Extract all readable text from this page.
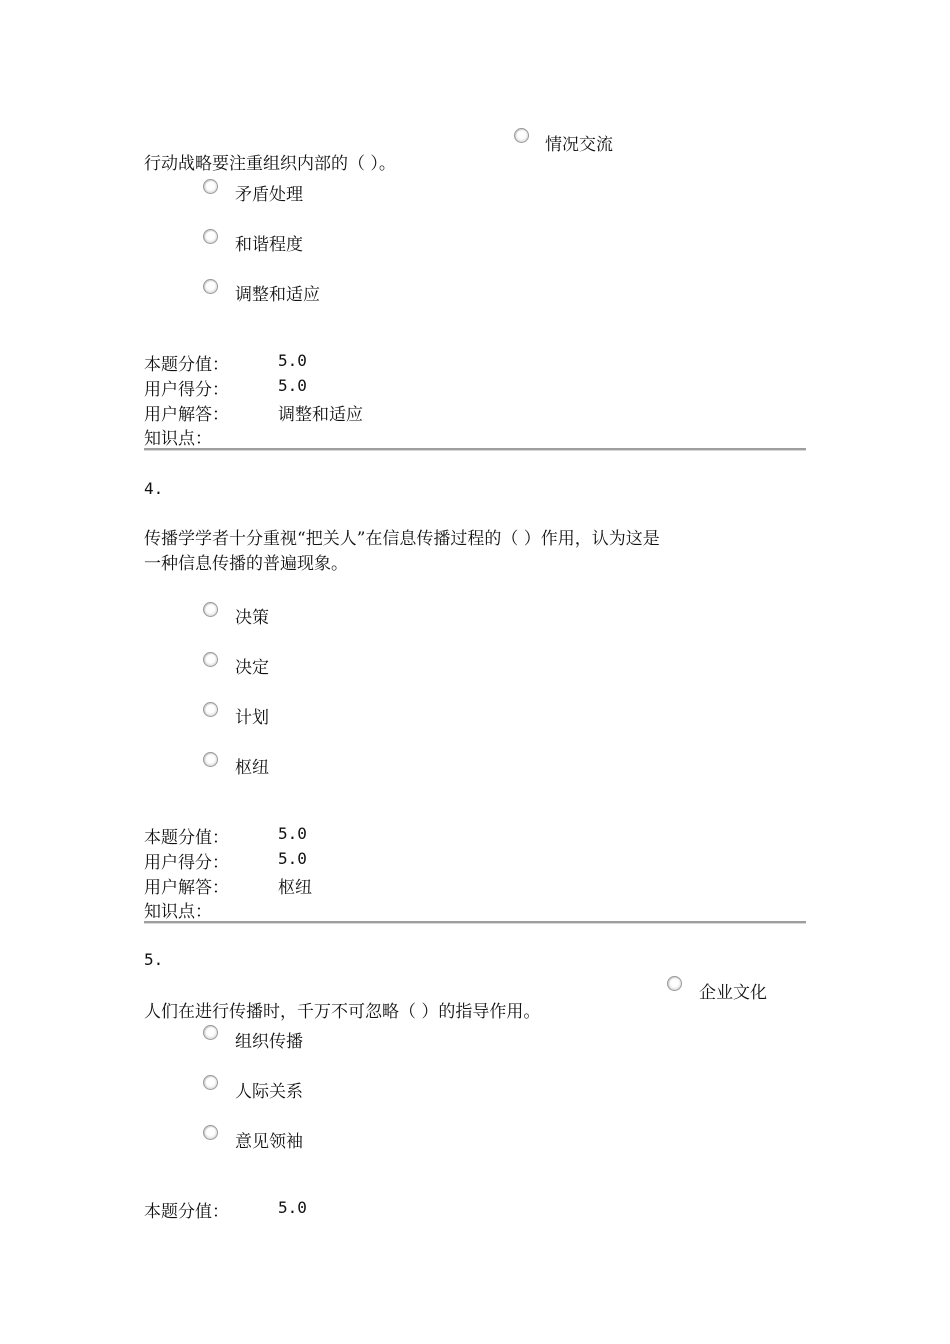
情况交流
行动战略要注重组织内部的（ ）。
矛盾处理
和谐程度
调整和适应
本题分值：	5.0
用户得分：	5.0
用户解答：	调整和适应
知识点：
4.
传播学学者十分重视“把关人”在信息传播过程的（ ）作用，认为这是
一种信息传播的普遍现象。
决策
决定
计划
枢纽
本题分值：	5.0
用户得分：	5.0
用户解答：	枢纽
知识点：
5.
企业文化
人们在进行传播时，千万不可忽略（ ）的指导作用。
组织传播
人际关系
意见领袖
本题分值：	5.0
